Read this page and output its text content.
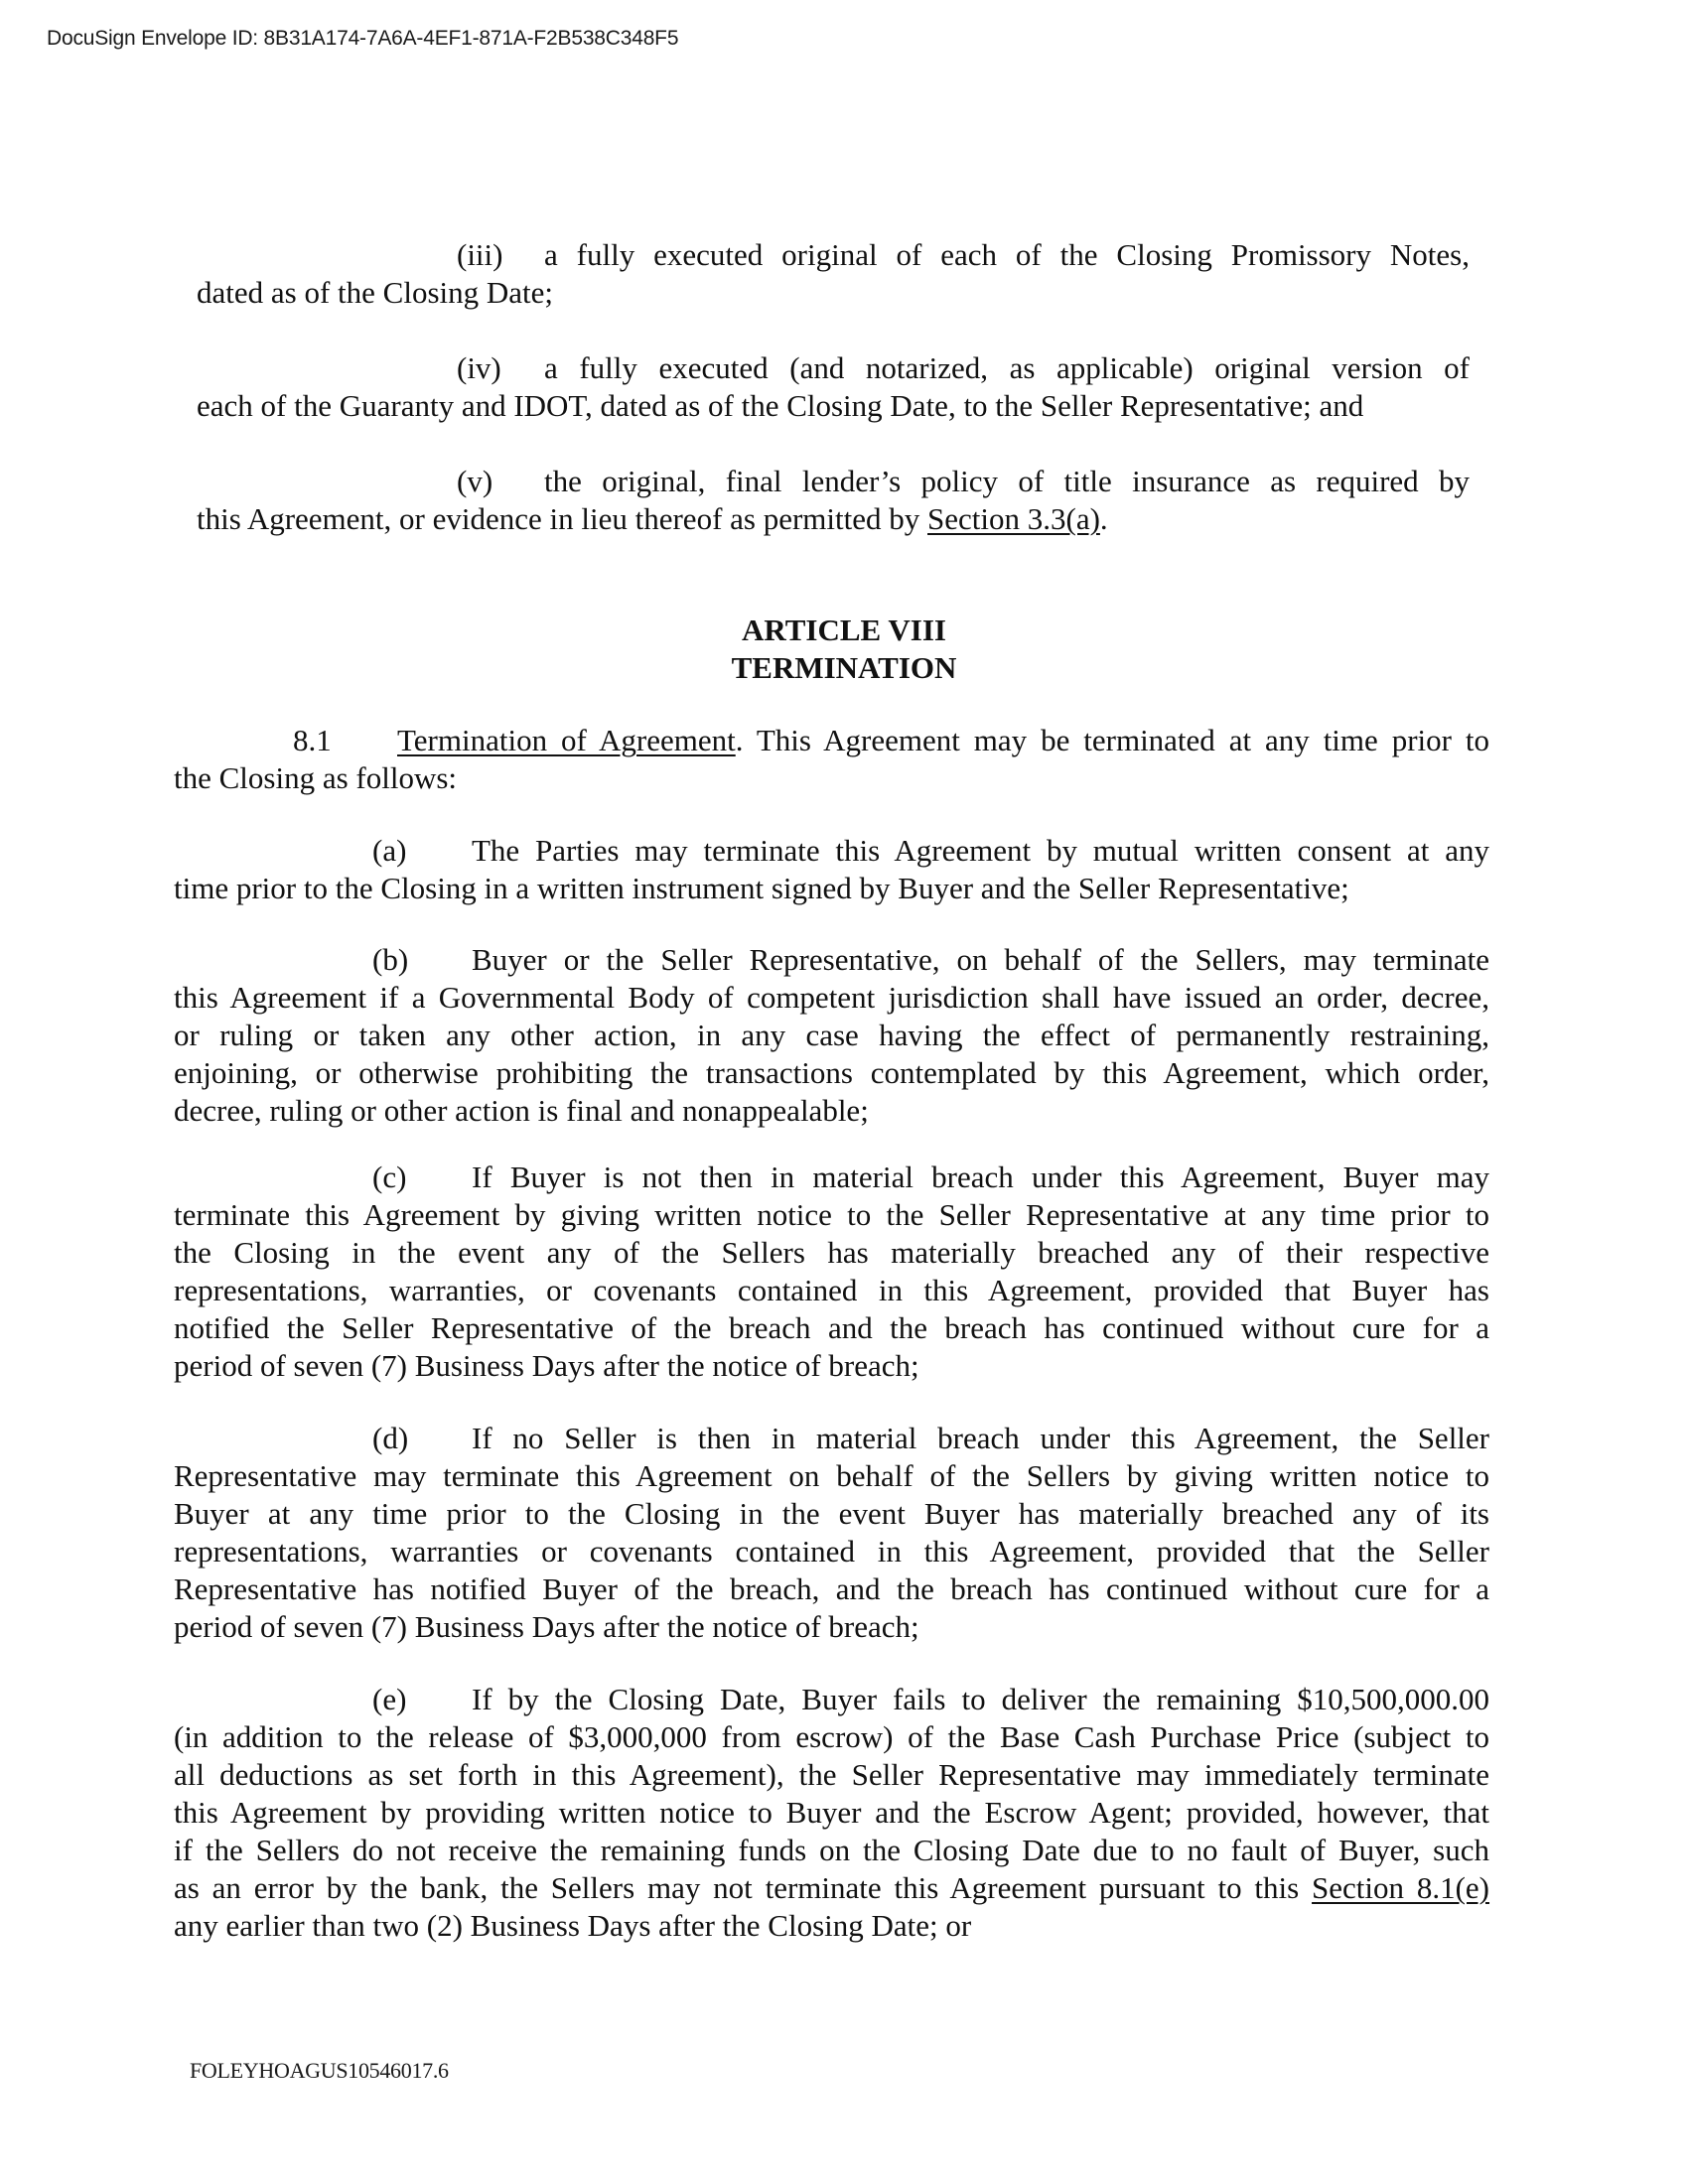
DocuSign Envelope ID: 8B31A174-7A6A-4EF1-871A-F2B538C348F5
(iii) a fully executed original of each of the Closing Promissory Notes,
dated as of the Closing Date;
(iv) a fully executed (and notarized, as applicable) original version of
each of the Guaranty and IDOT, dated as of the Closing Date, to the Seller Representative; and
(v) the original, final lender’s policy of title insurance as required by
this Agreement, or evidence in lieu thereof as permitted by Section 3.3(a).
ARTICLE VIII
TERMINATION
8.1 Termination of Agreement. This Agreement may be terminated at any time prior to
the Closing as follows:
(a) The Parties may terminate this Agreement by mutual written consent at any
time prior to the Closing in a written instrument signed by Buyer and the Seller Representative;
(b) Buyer or the Seller Representative, on behalf of the Sellers, may terminate
this Agreement if a Governmental Body of competent jurisdiction shall have issued an order, decree,
or ruling or taken any other action, in any case having the effect of permanently restraining,
enjoining, or otherwise prohibiting the transactions contemplated by this Agreement, which order,
decree, ruling or other action is final and nonappealable;
(c) If Buyer is not then in material breach under this Agreement, Buyer may
terminate this Agreement by giving written notice to the Seller Representative at any time prior to
the Closing in the event any of the Sellers has materially breached any of their respective
representations, warranties, or covenants contained in this Agreement, provided that Buyer has
notified the Seller Representative of the breach and the breach has continued without cure for a
period of seven (7) Business Days after the notice of breach;
(d) If no Seller is then in material breach under this Agreement, the Seller
Representative may terminate this Agreement on behalf of the Sellers by giving written notice to
Buyer at any time prior to the Closing in the event Buyer has materially breached any of its
representations, warranties or covenants contained in this Agreement, provided that the Seller
Representative has notified Buyer of the breach, and the breach has continued without cure for a
period of seven (7) Business Days after the notice of breach;
(e) If by the Closing Date, Buyer fails to deliver the remaining $10,500,000.00
(in addition to the release of $3,000,000 from escrow) of the Base Cash Purchase Price (subject to
all deductions as set forth in this Agreement), the Seller Representative may immediately terminate
this Agreement by providing written notice to Buyer and the Escrow Agent; provided, however, that
if the Sellers do not receive the remaining funds on the Closing Date due to no fault of Buyer, such
as an error by the bank, the Sellers may not terminate this Agreement pursuant to this Section 8.1(e)
any earlier than two (2) Business Days after the Closing Date; or
FOLEYHOAGUS10546017.6
